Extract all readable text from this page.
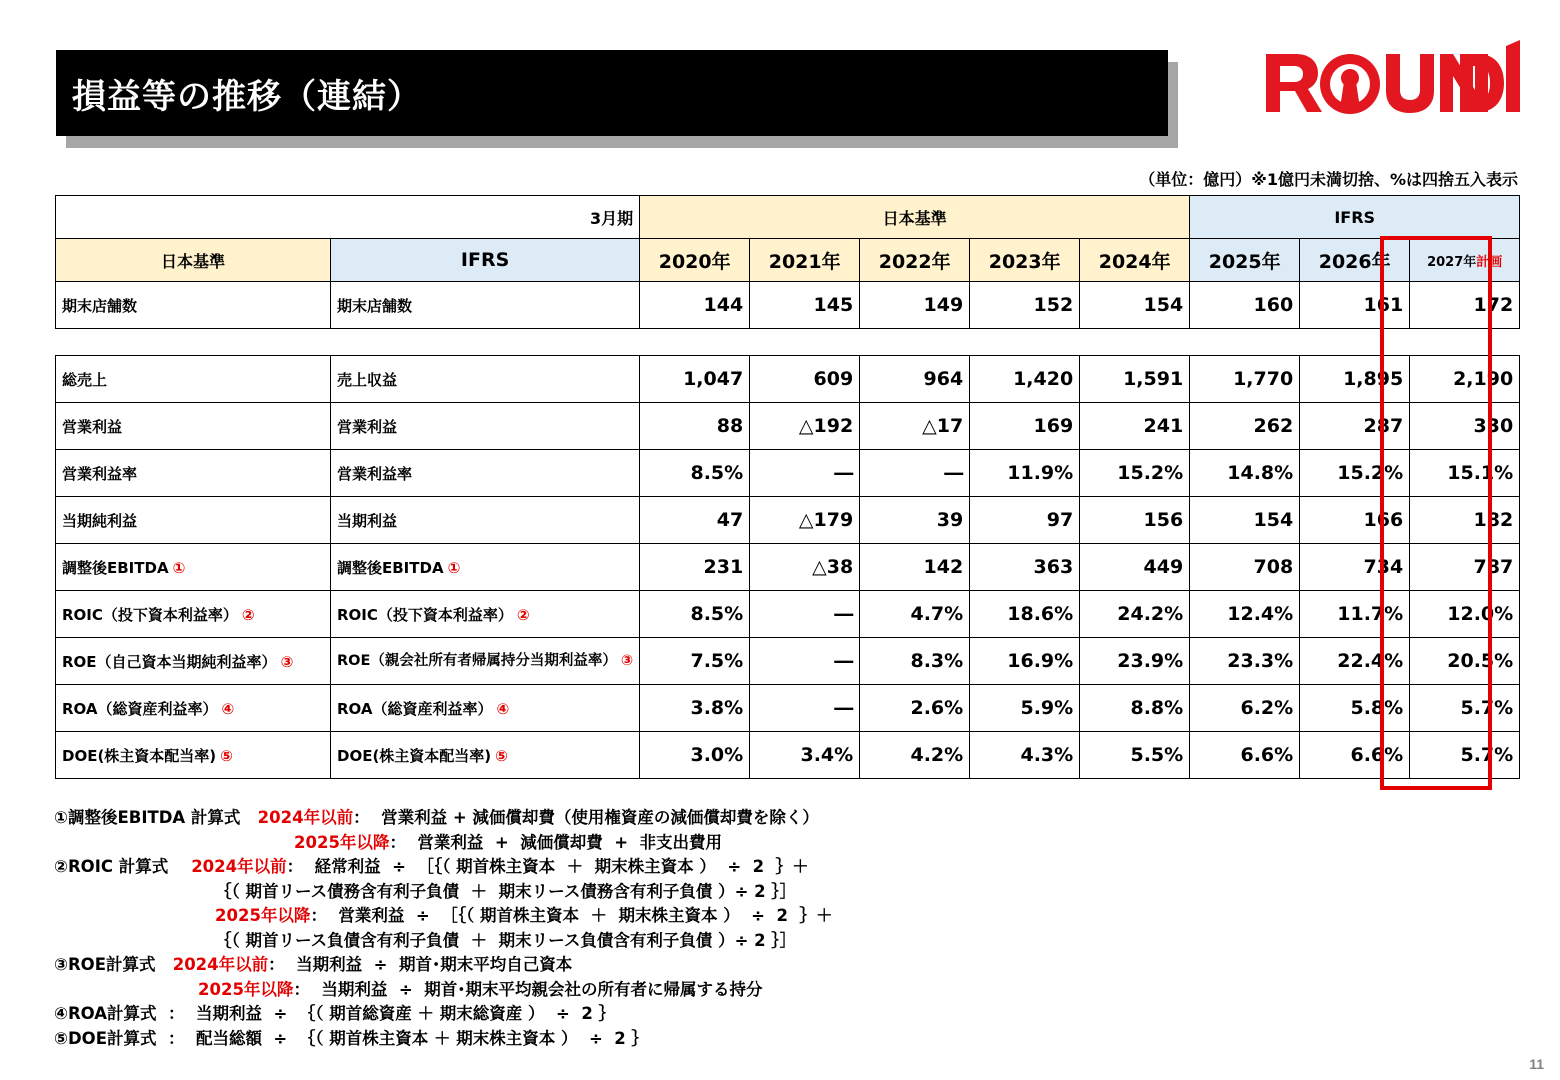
損益等の推移（連結）
（単位：億円）※1億円未満切捨、%は四捨五入表示
3月期		日本基準					IFRS		
日本基準	IFRS	2020年	2021年	2022年	2023年	2024年	2025年	2026年	2027年計画
期末店舗数	期末店舗数	144	145	149	152	154	160	161	172

総売上	売上収益	1,047	609	964	1,420	1,591	1,770	1,895	2,190
営業利益	営業利益	88	△192	△17	169	241	262	287	330
営業利益率	営業利益率	8.5%	―	―	11.9%	15.2%	14.8%	15.2%	15.1%
当期純利益	当期利益	47	△179	39	97	156	154	166	182
調整後EBITDA ①	調整後EBITDA ①	231	△38	142	363	449	708	734	787
ROIC（投下資本利益率） ②	ROIC（投下資本利益率） ②	8.5%	―	4.7%	18.6%	24.2%	12.4%	11.7%	12.0%
ROE（自己資本当期純利益率） ③	ROE（親会社所有者帰属持分当期利益率） ③	7.5%	―	8.3%	16.9%	23.9%	23.3%	22.4%	20.5%
ROA（総資産利益率） ④	ROA（総資産利益率） ④	3.8%	―	2.6%	5.9%	8.8%	6.2%	5.8%	5.7%
DOE(株主資本配当率) ⑤	DOE(株主資本配当率) ⑤	3.0%	3.4%	4.2%	4.3%	5.5%	6.6%	6.6%	5.7%
①調整後EBITDA 計算式 2024年以前：  営業利益 + 減価償却費（使用権資産の減価償却費を除く）
2025年以降：  営業利益  +  減価償却費  +  非支出費用
②ROIC 計算式 2024年以前：  経常利益  ÷  ［｛（ 期首株主資本  ＋  期末株主資本 ）  ÷  2  ｝＋
｛（ 期首リース債務含有利子負債  ＋  期末リース債務含有利子負債 ）÷ 2 ｝］
2025年以降：  営業利益  ÷  ［｛（ 期首株主資本  ＋  期末株主資本 ）  ÷  2  ｝＋
｛（ 期首リース負債含有利子負債  ＋  期末リース負債含有利子負債 ）÷ 2 ｝］
③ROE計算式 2024年以前：  当期利益  ÷  期首･期末平均自己資本
2025年以降：  当期利益  ÷  期首･期末平均親会社の所有者に帰属する持分
④ROA計算式  ：  当期利益  ÷  ｛（ 期首総資産 ＋ 期末総資産 ）  ÷  2 ｝
⑤DOE計算式  ：  配当総額  ÷  ｛（ 期首株主資本 ＋ 期末株主資本 ）  ÷  2 ｝
11
